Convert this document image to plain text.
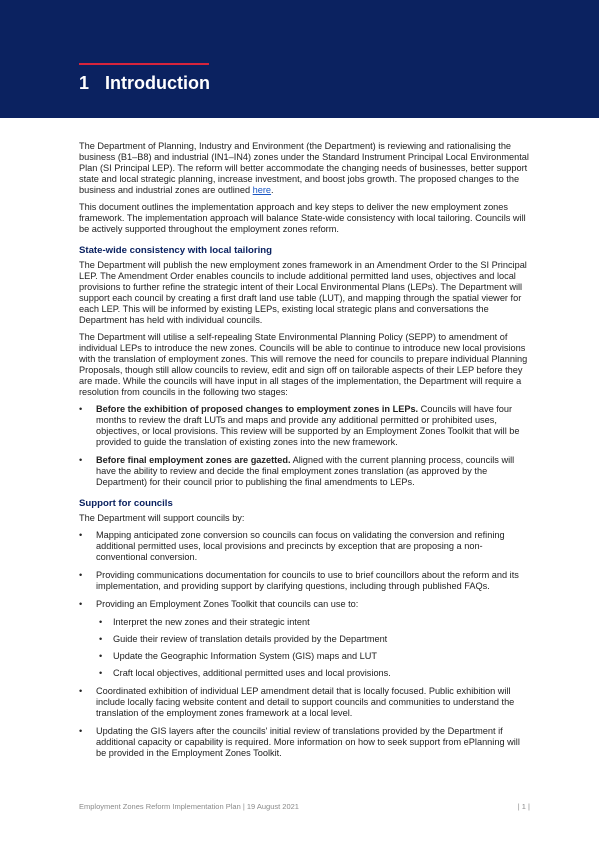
1 Introduction

The Department of Planning, Industry and Environment (the Department) is reviewing and rationalising the business (B1–B8) and industrial (IN1–IN4) zones under the Standard Instrument Principal Local Environmental Plan (SI Principal LEP). The reform will better accommodate the changing needs of businesses, better support state and local strategic planning, increase investment, and boost jobs growth. The proposed changes to the business and industrial zones are outlined here.

This document outlines the implementation approach and key steps to deliver the new employment zones framework. The implementation approach will balance State-wide consistency with local tailoring. Councils will be actively supported throughout the employment zones reform.

State-wide consistency with local tailoring

The Department will publish the new employment zones framework in an Amendment Order to the SI Principal LEP. The Amendment Order enables councils to include additional permitted land uses, objectives and local provisions to further refine the strategic intent of their Local Environmental Plans (LEPs). The Department will support each council by creating a first draft land use table (LUT), and mapping through the spatial viewer for each LEP. This will be informed by existing LEPs, existing local strategic plans and conversations the Department has held with individual councils.

The Department will utilise a self-repealing State Environmental Planning Policy (SEPP) to amendment of individual LEPs to introduce the new zones. Councils will be able to continue to introduce new local provisions with the translation of employment zones. This will remove the need for councils to prepare individual Planning Proposals, though still allow councils to review, edit and sign off on tailorable aspects of their LEP before they are made. While the councils will have input in all stages of the implementation, the Department will require a resolution from councils in the following two stages:

•	Before the exhibition of proposed changes to employment zones in LEPs. Councils will have four months to review the draft LUTs and maps and provide any additional permitted or prohibited uses, objectives, or local provisions. This review will be supported by an Employment Zones Toolkit that will be provided to guide the translation of existing zones into the new framework.
•	Before final employment zones are gazetted. Aligned with the current planning process, councils will have the ability to review and decide the final employment zones translation (as approved by the Department) for their council prior to publishing the final amendments to LEPs.
Support for councils

The Department will support councils by:

•	Mapping anticipated zone conversion so councils can focus on validating the conversion and refining additional permitted uses, local provisions and precincts by exception that are proposing a non-conventional conversion.
•	Providing communications documentation for councils to use to brief councillors about the reform and its implementation, and providing support by clarifying questions, including through published FAQs.
•	Providing an Employment Zones Toolkit that councils can use to:
• Interpret the new zones and their strategic intent
• Guide their review of translation details provided by the Department
• Update the Geographic Information System (GIS) maps and LUT
• Craft local objectives, additional permitted uses and local provisions.
•	Coordinated exhibition of individual LEP amendment detail that is locally focused. Public exhibition will include locally facing website content and detail to support councils and communities to understand the translation of the employment zones framework at a local level.
•	Updating the GIS layers after the councils' initial review of translations provided by the Department if additional capacity or capability is required. More information on how to seek support from ePlanning will be provided in the Employment Zones Toolkit.
Employment Zones Reform Implementation Plan | 19 August 2021	| 1 |
